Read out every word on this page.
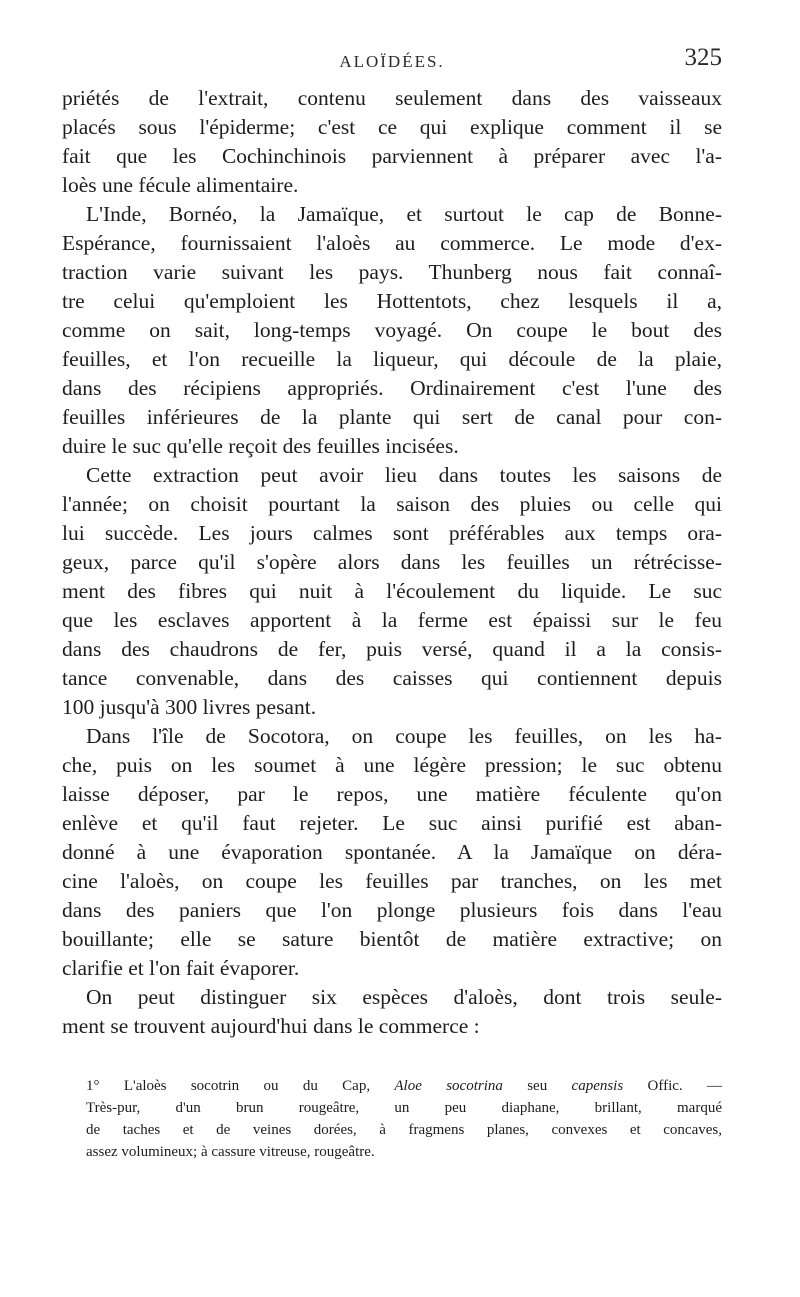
ALOÏDÉES.	325
priétés de l'extrait, contenu seulement dans des vaisseaux
placés sous l'épiderme; c'est ce qui explique comment il se
fait que les Cochinchinois parviennent à préparer avec l'a-
loès une fécule alimentaire.
L'Inde, Bornéo, la Jamaïque, et surtout le cap de Bonne-
Espérance, fournissaient l'aloès au commerce. Le mode d'ex-
traction varie suivant les pays. Thunberg nous fait connaî-
tre celui qu'emploient les Hottentots, chez lesquels il a,
comme on sait, long-temps voyagé. On coupe le bout des
feuilles, et l'on recueille la liqueur, qui découle de la plaie,
dans des récipiens appropriés. Ordinairement c'est l'une des
feuilles inférieures de la plante qui sert de canal pour con-
duire le suc qu'elle reçoit des feuilles incisées.
Cette extraction peut avoir lieu dans toutes les saisons de
l'année; on choisit pourtant la saison des pluies ou celle qui
lui succède. Les jours calmes sont préférables aux temps ora-
geux, parce qu'il s'opère alors dans les feuilles un rétrécisse-
ment des fibres qui nuit à l'écoulement du liquide. Le suc
que les esclaves apportent à la ferme est épaissi sur le feu
dans des chaudrons de fer, puis versé, quand il a la consis-
tance convenable, dans des caisses qui contiennent depuis
100 jusqu'à 300 livres pesant.
Dans l'île de Socotora, on coupe les feuilles, on les ha-
che, puis on les soumet à une légère pression; le suc obtenu
laisse déposer, par le repos, une matière féculente qu'on
enlève et qu'il faut rejeter. Le suc ainsi purifié est aban-
donné à une évaporation spontanée. A la Jamaïque on déra-
cine l'aloès, on coupe les feuilles par tranches, on les met
dans des paniers que l'on plonge plusieurs fois dans l'eau
bouillante; elle se sature bientôt de matière extractive; on
clarifie et l'on fait évaporer.
On peut distinguer six espèces d'aloès, dont trois seule-
ment se trouvent aujourd'hui dans le commerce :
1° L'aloès socotrin ou du Cap, Aloe socotrina seu capensis Offic. —
Très-pur, d'un brun rougeâtre, un peu diaphane, brillant, marqué
de taches et de veines dorées, à fragmens planes, convexes et concaves,
assez volumineux; à cassure vitreuse, rougeâtre.
